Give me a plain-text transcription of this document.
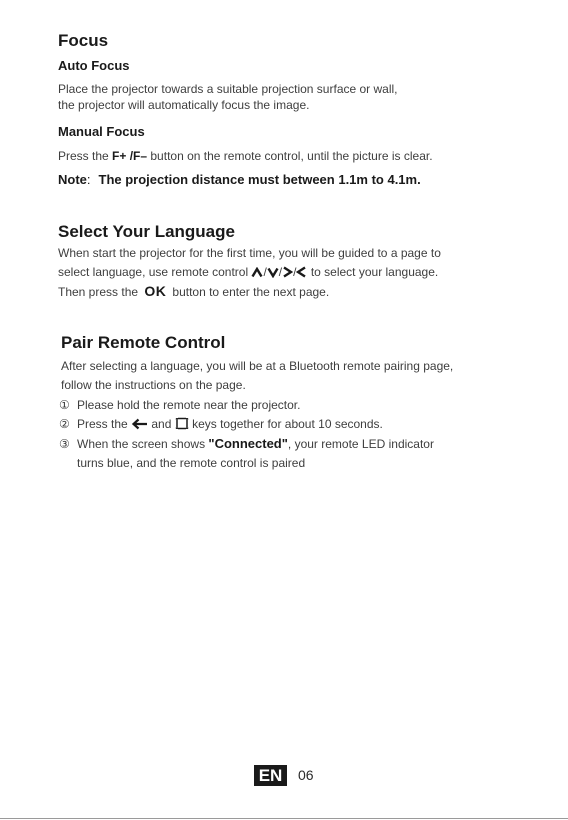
Focus
Auto Focus
Place the projector towards a suitable projection surface or wall,
the projector will automatically focus the image.
Manual Focus
Press the F+ /F– button on the remote control, until the picture is clear.
Note: The projection distance must between 1.1m to 4.1m.
Select Your Language
When start the projector for the first time, you will be guided to a page to
select language, use remote control / / / to select your language.
Then press the OK button to enter the next page.
Pair Remote Control
After selecting a language, you will be at a Bluetooth remote pairing page,
follow the instructions on the page.
① Please hold the remote near the projector.
② Press the  and  keys together for about 10 seconds.
③ When the screen shows "Connected", your remote LED indicator
turns blue, and the remote control is paired
EN	06
